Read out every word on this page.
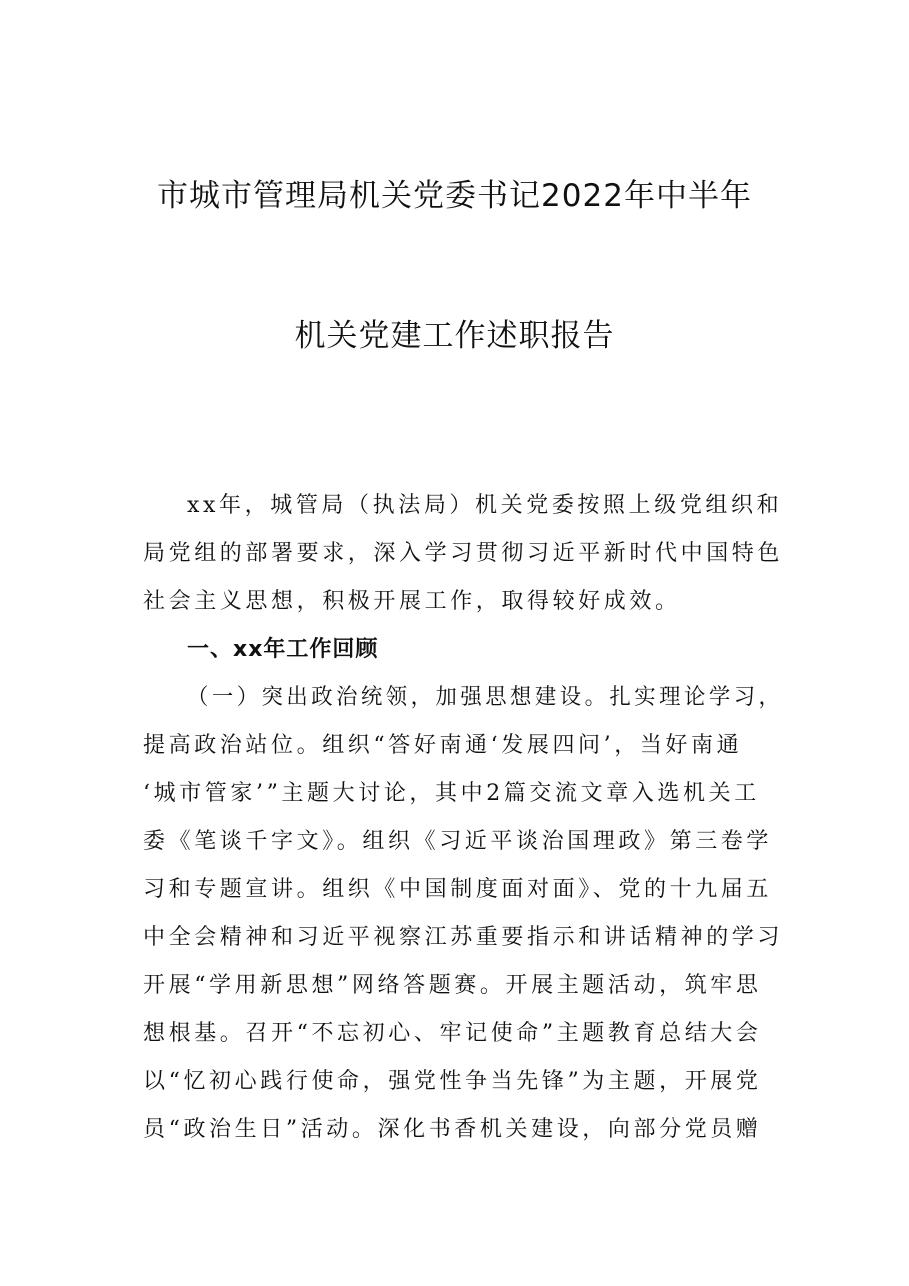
市城市管理局机关党委书记2022年中半年
机关党建工作述职报告
xx年，城管局（执法局）机关党委按照上级党组织和
局党组的部署要求，深入学习贯彻习近平新时代中国特色
社会主义思想，积极开展工作，取得较好成效。
一、xx年工作回顾
（一）突出政治统领，加强思想建设。扎实理论学习，
提高政治站位。组织“答好南通‘发展四问’，当好南通
‘城市管家’”主题大讨论，其中2篇交流文章入选机关工
委《笔谈千字文》。组织《习近平谈治国理政》第三卷学
习和专题宣讲。组织《中国制度面对面》、党的十九届五
中全会精神和习近平视察江苏重要指示和讲话精神的学习
开展“学用新思想”网络答题赛。开展主题活动，筑牢思
想根基。召开“不忘初心、牢记使命”主题教育总结大会
以“忆初心践行使命，强党性争当先锋”为主题，开展党
员“政治生日”活动。深化书香机关建设，向部分党员赠
